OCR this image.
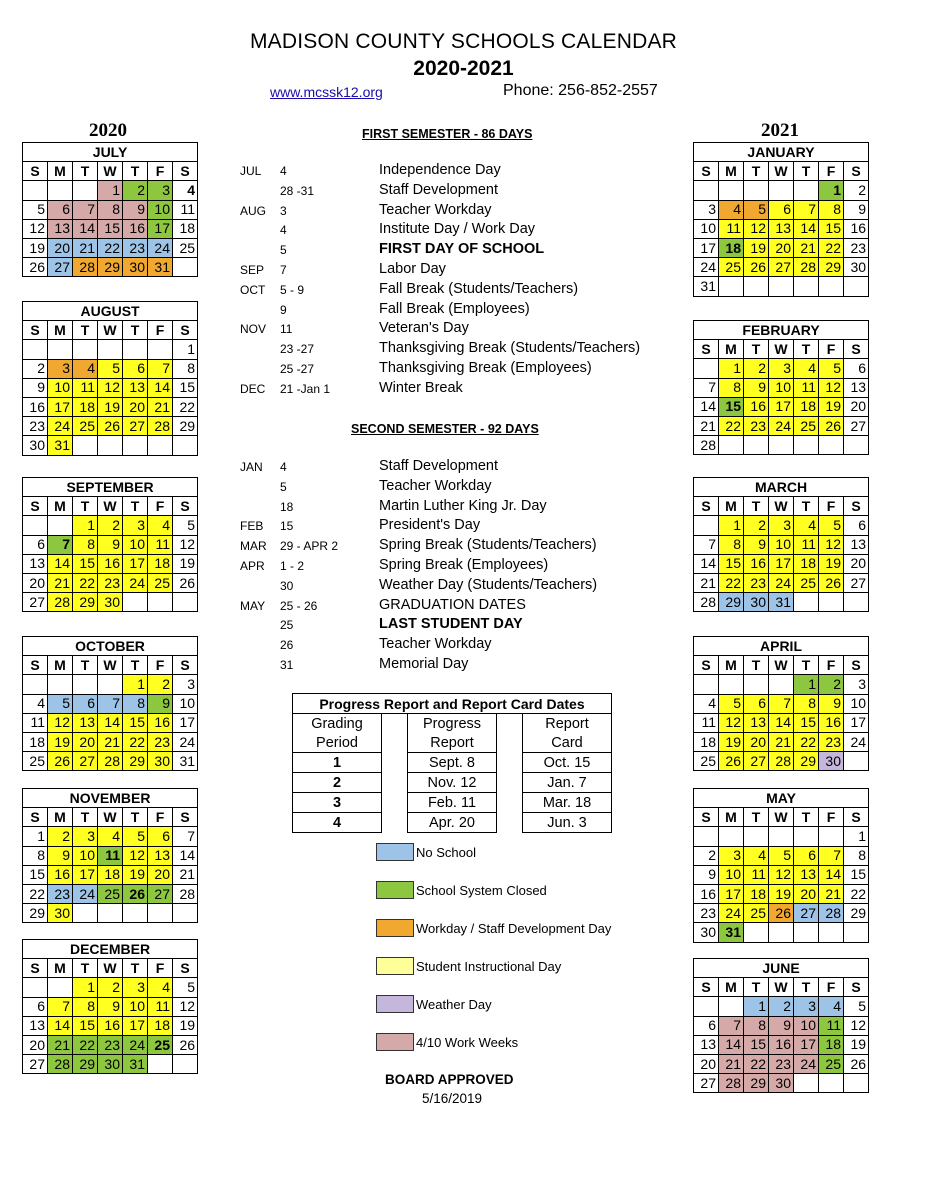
MADISON COUNTY SCHOOLS CALENDAR
2020-2021
www.mcssk12.org	Phone: 256-852-2557
2020	2021
JULY						
S	M	T	W	T	F	S
			1	2	3	4
5	6	7	8	9	10	11
12	13	14	15	16	17	18
19	20	21	22	23	24	25
26	27	28	29	30	31	
AUGUST						
S	M	T	W	T	F	S
						1
2	3	4	5	6	7	8
9	10	11	12	13	14	15
16	17	18	19	20	21	22
23	24	25	26	27	28	29
30	31					
SEPTEMBER						
S	M	T	W	T	F	S
		1	2	3	4	5
6	7	8	9	10	11	12
13	14	15	16	17	18	19
20	21	22	23	24	25	26
27	28	29	30			
OCTOBER						
S	M	T	W	T	F	S
				1	2	3
4	5	6	7	8	9	10
11	12	13	14	15	16	17
18	19	20	21	22	23	24
25	26	27	28	29	30	31
NOVEMBER						
S	M	T	W	T	F	S
1	2	3	4	5	6	7
8	9	10	11	12	13	14
15	16	17	18	19	20	21
22	23	24	25	26	27	28
29	30					
DECEMBER						
S	M	T	W	T	F	S
		1	2	3	4	5
6	7	8	9	10	11	12
13	14	15	16	17	18	19
20	21	22	23	24	25	26
27	28	29	30	31		
JANUARY						
S	M	T	W	T	F	S
					1	2
3	4	5	6	7	8	9
10	11	12	13	14	15	16
17	18	19	20	21	22	23
24	25	26	27	28	29	30
31						
FEBRUARY						
S	M	T	W	T	F	S
	1	2	3	4	5	6
7	8	9	10	11	12	13
14	15	16	17	18	19	20
21	22	23	24	25	26	27
28						
MARCH						
S	M	T	W	T	F	S
	1	2	3	4	5	6
7	8	9	10	11	12	13
14	15	16	17	18	19	20
21	22	23	24	25	26	27
28	29	30	31			
APRIL						
S	M	T	W	T	F	S
				1	2	3
4	5	6	7	8	9	10
11	12	13	14	15	16	17
18	19	20	21	22	23	24
25	26	27	28	29	30	
MAY						
S	M	T	W	T	F	S
						1
2	3	4	5	6	7	8
9	10	11	12	13	14	15
16	17	18	19	20	21	22
23	24	25	26	27	28	29
30	31					
JUNE						
S	M	T	W	T	F	S
		1	2	3	4	5
6	7	8	9	10	11	12
13	14	15	16	17	18	19
20	21	22	23	24	25	26
27	28	29	30			
FIRST SEMESTER - 86 DAYS
JUL 4	Independence Day
28 -31	Staff Development
AUG 3	Teacher Workday
4	Institute Day / Work Day
5	FIRST DAY OF SCHOOL
SEP 7	Labor Day
OCT 5 - 9	Fall Break (Students/Teachers)
9	Fall Break (Employees)
NOV 11	Veteran's Day
23 -27	Thanksgiving Break (Students/Teachers)
25 -27	Thanksgiving Break (Employees)
DEC 21 -Jan 1	Winter Break
SECOND SEMESTER - 92 DAYS
JAN 4	Staff Development
5	Teacher Workday
18	Martin Luther King Jr. Day
FEB 15	President's Day
MAR 29 - APR 2	Spring Break (Students/Teachers)
APR 1 - 2	Spring Break (Employees)
30	Weather Day (Students/Teachers)
MAY 25 - 26	GRADUATION DATES
25	LAST STUDENT DAY
26	Teacher Workday
31	Memorial Day
Progress Report and Report Card Dates				
Grading		Progress		Report
Period		Report		Card
1		Sept. 8		Oct. 15
2		Nov. 12		Jan. 7
3		Feb. 11		Mar. 18
4		Apr. 20		Jun. 3
No School
School System Closed
Workday / Staff Development Day
Student Instructional Day
Weather Day
4/10 Work Weeks
BOARD APPROVED
5/16/2019
